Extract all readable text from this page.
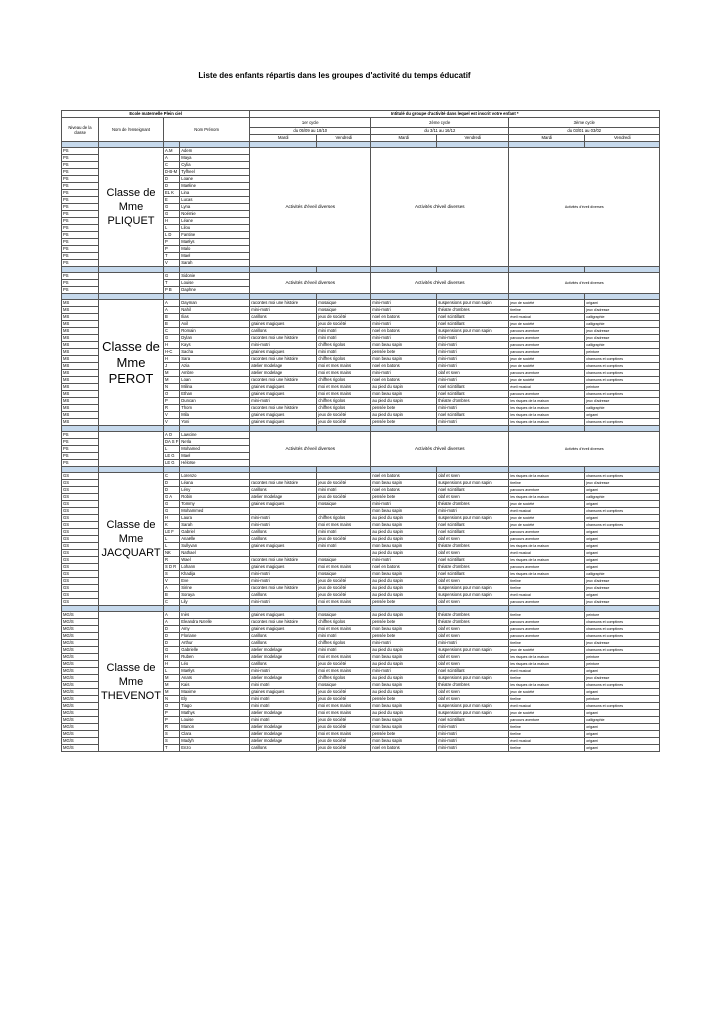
Liste des enfants répartis dans les groupes d'activité du temps éducatif
Ecole maternelle Plein ciel				Intitulé du groupe d'activité dans lequel est inscrit votre enfant *					
Niveau de la classe	Nom de l'enseignant	Nom Prénom		1er cycle		2ème cycle		3ème cycle	
				du 05/09 au 18/10		du 3/11 au 16/12		du 03/01 au 03/02	
				Mardi	Vendredi	Mardi	Vendredi	Mardi	Vendredi

PS	Classe de Mme PLIQUET	A.M	Adem	Activités d'éveil diverses		Activités d'éveil diverses		Activités d'éveil diverses	
PS		A	Maya						
PS		C	Cylia						
PS		D-B-M	Tyfheel						
PS		D	Loane						
PS		D	Maëline						
PS		EL K	Lina						
PS		E	Lucas						
PS		G	Lyna						
PS		G	Noémie						
PS		H	Léane						
PS		L	Lilou						
PS		L D	Fantine						
PS		P	Maëlys						
PS		P	Malo						
PS		T	Mael						
PS		V	Sarah						

PS		G	Sidonie	Activités d'éveil diverses		Activités d'éveil diverses		Activités d'éveil diverses	
PS		T	Louise						
PS		P B	Daphne						

MS	Classe de Mme PEROT	A	Dayman	racontes moi une histoire	mosaique	mini-motri	suspensions pour mon sapin	jeux de société	origami
MS		A	Nahil	mini-motri	mosaique	mini-motri	théatre d'ombres	tireline	jeux d'adresse
MS		B	Ilias	carillons	jeux de société	noel en batons	noel scintillant	éveil musical	calligraphie
MS		B	Axil	graines magiques	jeux de société	mini-motri	noel scintillant	jeux de société	calligraphie
MS		C	Romain	carillons	mini motri	noel en batons	suspensions pour mon sapin	parcours aventure	jeux d'adresse
MS		G	Dylan	racontes moi une histoire	mini motri	mini-motri	mini-motri	parcours aventure	jeux d'adresse
MS		H	Kays	mini-motri	chiffres rigolos	mon beau sapin	mini-motri	parcours aventure	calligraphie
MS		H-C	Sacha	graines magiques	mini motri	pensée bete	mini-motri	parcours aventure	peinture
MS		H	Sara	racontes moi une histoire	chiffres rigolos	mon beau sapin	mini-motri	jeux de société	chansons et comptines
MS		J	Azia	atelier modelage	moi et mes mains	noel en batons	mini-motri	jeux de société	chansons et comptines
MS		M	Ambre	atelier modelage	moi et mes mains	mini-motri	olaf et sven	parcours aventure	chansons et comptines
MS		M	Loan	racontes moi une histoire	chiffres rigolos	noel en batons	mini-motri	jeux de société	chansons et comptines
MS		N	Milina	graines magiques	moi et mes mains	au pied du sapin	noel scintillant	éveil musical	peinture
MS		O	Ethan	graines magiques	moi et mes mains	mon beau sapin	noel scintillant	parcours aventure	chansons et comptines
MS		P	Duncan	mini-motri	chiffres rigolos	au pied du sapin	théatre d'ombres	les risques de la maison	jeux d'adresse
MS		R	Thom	racontes moi une histoire	chiffres rigolos	pensée bete	mini-motri	les risques de la maison	calligraphie
MS		V	Mila	graines magiques	jeux de société	au pied du sapin	noel scintillant	les risques de la maison	origami
MS		V	Yoni	graines magiques	jeux de société	pensée bete	mini-motri	les risques de la maison	chansons et comptines

PS		A O	Lawcine	Activités d'éveil diverses		Activités d'éveil diverses		Activités d'éveil diverses	
PS		DA S F	Neïla						
PS		L	Mohamed						
PS		LE G	Mael						
PS		LE G	Héloïse						

GS	Classe de Mme JACQUART	C	Lorenzo			noel en batons	olaf et sven	les risques de la maison	chansons et comptines
GS		D	Léana	racontes moi une histoire	jeux de société	mon beau sapin	suspensions pour mon sapin	tireline	jeux d'adresse
GS		D	Lény	carillons	mini motri	noel en batons	noel scintillant	parcours aventure	origami
GS		G A	Robin	atelier modelage	jeux de société	pensée bete	olaf et sven	les risques de la maison	calligraphie
GS		G	Tommy	graines magiques	mosaique	mini-motri	théatre d'ombres	jeux de société	origami
GS		G	Mohammed			mon beau sapin	mini-motri	éveil musical	chansons et comptines
GS		H	Laura	mini-motri	chiffres rigolos	au pied du sapin	suspensions pour mon sapin	jeux de société	origami
GS		K	Sarah	mini-motri	moi et mes mains	mon beau sapin	noel scintillant	jeux de société	chansons et comptines
GS		LE F	Gabriel	carillons	mini motri	au pied du sapin	noel scintillant	parcours aventure	origami
GS		L	Anaëlle	carillons	jeux de société	au pied du sapin	olaf et sven	parcours aventure	origami
GS		L	Sullyvan	graines magiques	mini motri	mon beau sapin	théatre d'ombres	les risques de la maison	origami
GS		NK	Nathael			au pied du sapin	olaf et sven	éveil musical	origami
GS		R	Wael	racontes moi une histoire	mosaique	mini-motri	noel scintillant	les risques de la maison	origami
GS		S D R	Lohann	graines magiques	moi et mes mains	noel en batons	théatre d'ombres	parcours aventure	origami
GS		S	Khadija	mini-motri	mosaique	mon beau sapin	noel scintillant	les risques de la maison	calligraphie
GS		V	Eve	mini-motri	jeux de société	au pied du sapin	olaf et sven	tireline	jeux d'adresse
GS		A	Sirine	racontes moi une histoire	jeux de société	au pied du sapin	suspensions pour mon sapin	tireline	jeux d'adresse
GS		B	Soraya	carillons	jeux de société	au pied du sapin	suspensions pour mon sapin	éveil musical	origami
GS		C	Lily	mini-motri	moi et mes mains	pensée bete	olaf et sven	parcours aventure	jeux d'adresse

MG/S	Classe de Mme THEVENOT	A	Inès	graines magiques	mosaique	au pied du sapin	théatre d'ombres	tireline	peinture
MG/S		A	Eleandra Na'elle	racontes moi une histoire	chiffres rigolos	pensée bete	théatre d'ombres	parcours aventure	chansons et comptines
MG/S		D	Amy	graines magiques	moi et mes mains	mon beau sapin	olaf et sven	parcours aventure	chansons et comptines
MG/S		D	Floriane	carillons	mini motri	pensée bete	olaf et sven	parcours aventure	chansons et comptines
MG/S		D	Arthur	carillons	chiffres rigolos	mini-motri	mini-motri	tireline	jeux d'adresse
MG/S		G	Gabrielle	atelier modelage	mini motri	au pied du sapin	suspensions pour mon sapin	jeux de société	chansons et comptines
MG/S		H	Ruben	atelier modelage	moi et mes mains	mon beau sapin	olaf et sven	les risques de la maison	peinture
MG/S		H	Léo	carillons	jeux de société	au pied du sapin	olaf et sven	les risques de la maison	peinture
MG/S		L	Maëlys	mini-motri	moi et mes mains	mini-motri	noel scintillant	éveil musical	origami
MG/S		M	Anaïs	atelier modelage	chiffres rigolos	au pied du sapin	suspensions pour mon sapin	tireline	jeux d'adresse
MG/S		M	Kais	mini motri	mosaique	mon beau sapin	théatre d'ombres	les risques de la maison	chansons et comptines
MG/S		M	Maxime	graines magiques	jeux de société	au pied du sapin	olaf et sven	jeux de société	origami
MG/S		N	Ely	mini motri	jeux de société	pensée bete	olaf et sven	tireline	peinture
MG/S		O	Tiago	mini motri	moi et mes mains	mon beau sapin	suspensions pour mon sapin	éveil musical	chansons et comptines
MG/S		P	Mathys	atelier modelage	moi et mes mains	au pied du sapin	suspensions pour mon sapin	jeux de société	origami
MG/S		P	Louise	mini motri	jeux de société	mon beau sapin	noel scintillant	parcours aventure	calligraphie
MG/S		R	Manon	atelier modelage	jeux de société	mon beau sapin	mini-motri	tireline	origami
MG/S		S	Clara	atelier modelage	moi et mes mains	pensée bete	mini-motri	tireline	origami
MG/S		S	Madyh	atelier modelage	jeux de société	mon beau sapin	mini-motri	éveil musical	origami
MG/S		T	Enzo	carillons	jeux de société	noel en batons	mini-motri	tireline	origami
